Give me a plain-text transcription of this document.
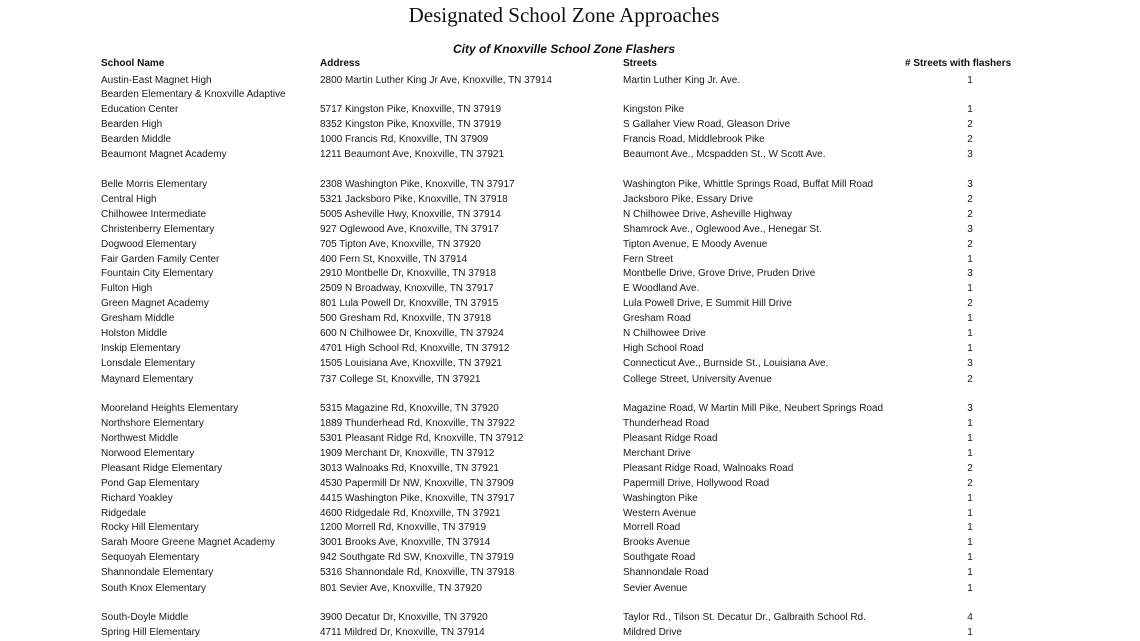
Designated School Zone Approaches
City of Knoxville School Zone Flashers
School Name	Address	Streets	# Streets with flashers
Austin-East Magnet High	2800 Martin Luther King Jr Ave, Knoxville, TN 37914	Martin Luther King Jr. Ave.	1
Bearden Elementary & Knoxville Adaptive
Education Center	5717 Kingston Pike, Knoxville, TN 37919	Kingston Pike	1
Bearden High	8352 Kingston Pike, Knoxville, TN 37919	S Gallaher View Road, Gleason Drive	2
Bearden Middle	1000 Francis Rd, Knoxville, TN 37909	Francis Road, Middlebrook Pike	2
Beaumont Magnet Academy	1211 Beaumont Ave, Knoxville, TN 37921	Beaumont Ave., Mcspadden St., W Scott Ave.	3
Belle Morris Elementary	2308 Washington Pike, Knoxville, TN 37917	Washington Pike, Whittle Springs Road, Buffat Mill Road	3
Central High	5321 Jacksboro Pike, Knoxville, TN 37918	Jacksboro Pike, Essary Drive	2
Chilhowee Intermediate	5005 Asheville Hwy, Knoxville, TN 37914	N Chilhowee Drive, Asheville Highway	2
Christenberry Elementary	927 Oglewood Ave, Knoxville, TN 37917	Shamrock Ave., Oglewood Ave., Henegar St.	3
Dogwood Elementary	705 Tipton Ave, Knoxville, TN 37920	Tipton Avenue, E Moody Avenue	2
Fair Garden Family Center	400 Fern St, Knoxville, TN 37914	Fern Street	1
Fountain City Elementary	2910 Montbelle Dr, Knoxville, TN 37918	Montbelle Drive, Grove Drive, Pruden Drive	3
Fulton High	2509 N Broadway, Knoxville, TN 37917	E Woodland Ave.	1
Green Magnet Academy	801 Lula Powell Dr, Knoxville, TN 37915	Lula Powell Drive, E Summit Hill Drive	2
Gresham Middle	500 Gresham Rd, Knoxville, TN 37918	Gresham Road	1
Holston Middle	600 N Chilhowee Dr, Knoxville, TN 37924	N Chilhowee Drive	1
Inskip Elementary	4701 High School Rd, Knoxville, TN 37912	High School Road	1
Lonsdale Elementary	1505 Louisiana Ave, Knoxville, TN 37921	Connecticut Ave., Burnside St., Louisiana Ave.	3
Maynard Elementary	737 College St, Knoxville, TN 37921	College Street, University Avenue	2
Mooreland Heights Elementary	5315 Magazine Rd, Knoxville, TN 37920	Magazine Road, W Martin Mill Pike, Neubert Springs Road	3
Northshore Elementary	1889 Thunderhead Rd, Knoxville, TN 37922	Thunderhead Road	1
Northwest Middle	5301 Pleasant Ridge Rd, Knoxville, TN 37912	Pleasant Ridge Road	1
Norwood Elementary	1909 Merchant Dr, Knoxville, TN 37912	Merchant Drive	1
Pleasant Ridge Elementary	3013 Walnoaks Rd, Knoxville, TN 37921	Pleasant Ridge Road, Walnoaks Road	2
Pond Gap Elementary	4530 Papermill Dr NW, Knoxville, TN 37909	Papermill Drive, Hollywood Road	2
Richard Yoakley	4415 Washington Pike, Knoxville, TN 37917	Washington Pike	1
Ridgedale	4600 Ridgedale Rd, Knoxville, TN 37921	Western Avenue	1
Rocky Hill Elementary	1200 Morrell Rd, Knoxville, TN 37919	Morrell Road	1
Sarah Moore Greene Magnet Academy	3001 Brooks Ave, Knoxville, TN 37914	Brooks Avenue	1
Sequoyah Elementary	942 Southgate Rd SW, Knoxville, TN 37919	Southgate Road	1
Shannondale Elementary	5316 Shannondale Rd, Knoxville, TN 37918	Shannondale Road	1
South Knox Elementary	801 Sevier Ave, Knoxville, TN 37920	Sevier Avenue	1
South-Doyle Middle	3900 Decatur Dr, Knoxville, TN 37920	Taylor Rd., Tilson St. Decatur Dr., Galbraith School Rd.	4
Spring Hill Elementary	4711 Mildred Dr, Knoxville, TN 37914	Mildred Drive	1
